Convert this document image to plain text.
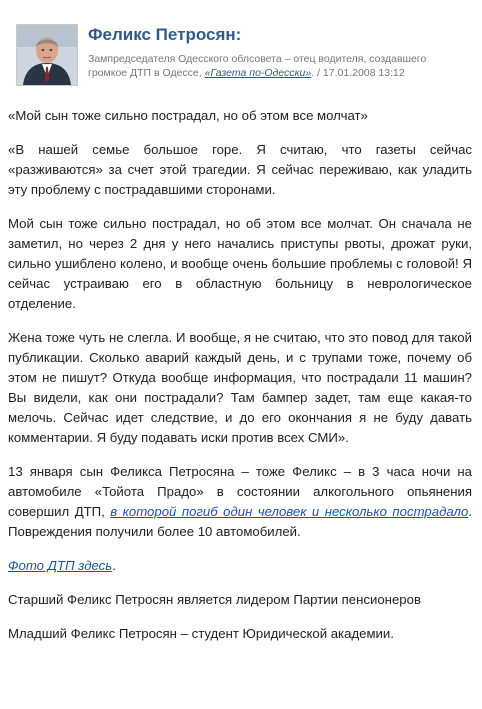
Феликс Петросян:
Зампредседателя Одесского облсовета – отец водителя, создавшего громкое ДТП в Одессе, «Газета по-Одесски». / 17.01.2008 13:12

«Мой сын тоже сильно пострадал, но об этом все молчат»

«В нашей семье большое горе. Я считаю, что газеты сейчас «разживаются» за счет этой трагедии. Я сейчас переживаю, как уладить эту проблему с пострадавшими сторонами.

Мой сын тоже сильно пострадал, но об этом все молчат. Он сначала не заметил, но через 2 дня у него начались приступы рвоты, дрожат руки, сильно ушиблено колено, и вообще очень большие проблемы с головой! Я сейчас устраиваю его в областную больницу в неврологическое отделение.

Жена тоже чуть не слегла. И вообще, я не считаю, что это повод для такой публикации. Сколько аварий каждый день, и с трупами тоже, почему об этом не пишут? Откуда вообще информация, что пострадали 11 машин? Вы видели, как они пострадали? Там бампер задет, там еще какая-то мелочь. Сейчас идет следствие, и до его окончания я не буду давать комментарии. Я буду подавать иски против всех СМИ».

13 января сын Феликса Петросяна – тоже Феликс – в 3 часа ночи на автомобиле «Тойота Прадо» в состоянии алкогольного опьянения совершил ДТП, в которой погиб один человек и несколько пострадало. Повреждения получили более 10 автомобилей.

Фото ДТП здесь.

Старший Феликс Петросян является лидером Партии пенсионеров

Младший Феликс Петросян – студент Юридической академии.
